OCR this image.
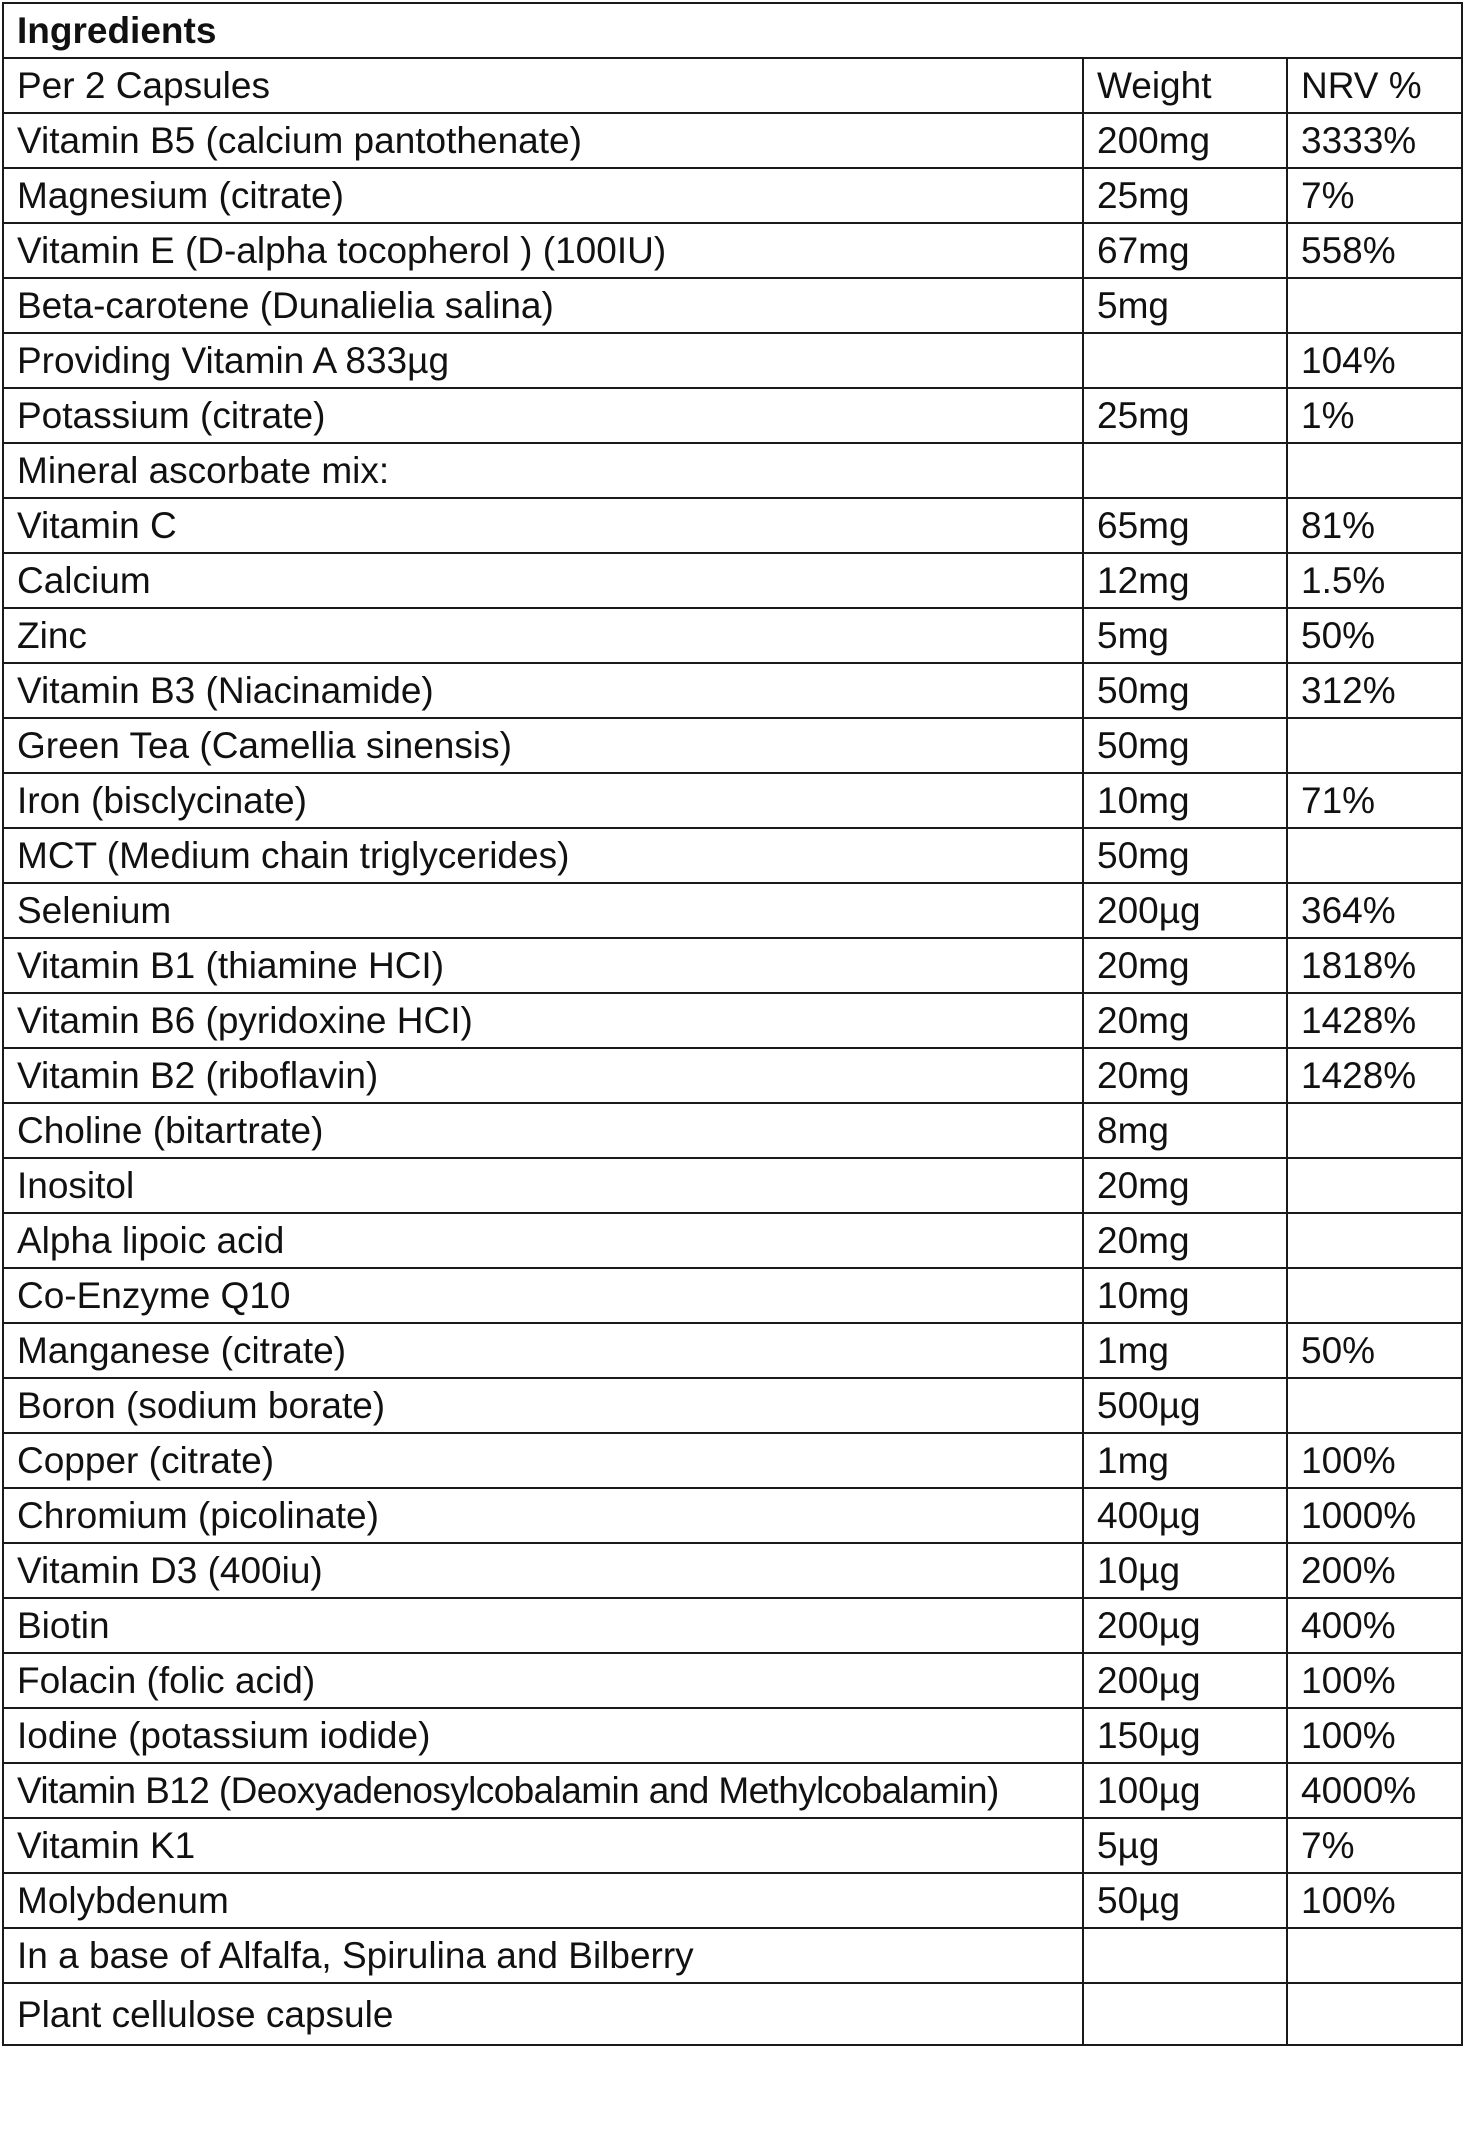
Ingredients		
Per 2 Capsules	Weight	NRV %
Vitamin B5 (calcium pantothenate)	200mg	3333%
Magnesium (citrate)	25mg	7%
Vitamin E (D-alpha tocopherol ) (100IU)	67mg	558%
Beta-carotene (Dunalielia salina)	5mg	
Providing Vitamin A 833µg		104%
Potassium (citrate)	25mg	1%
Mineral ascorbate mix:		
Vitamin C	65mg	81%
Calcium	12mg	1.5%
Zinc	5mg	50%
Vitamin B3 (Niacinamide)	50mg	312%
Green Tea (Camellia sinensis)	50mg	
Iron (bisclycinate)	10mg	71%
MCT (Medium chain triglycerides)	50mg	
Selenium	200µg	364%
Vitamin B1 (thiamine HCI)	20mg	1818%
Vitamin B6 (pyridoxine HCI)	20mg	1428%
Vitamin B2 (riboflavin)	20mg	1428%
Choline (bitartrate)	8mg	
Inositol	20mg	
Alpha lipoic acid	20mg	
Co-Enzyme Q10	10mg	
Manganese (citrate)	1mg	50%
Boron (sodium borate)	500µg	
Copper (citrate)	1mg	100%
Chromium (picolinate)	400µg	1000%
Vitamin D3 (400iu)	10µg	200%
Biotin	200µg	400%
Folacin (folic acid)	200µg	100%
Iodine (potassium iodide)	150µg	100%
Vitamin B12 (Deoxyadenosylcobalamin and Methylcobalamin)	100µg	4000%
Vitamin K1	5µg	7%
Molybdenum	50µg	100%
In a base of Alfalfa, Spirulina and Bilberry		
Plant cellulose capsule		
